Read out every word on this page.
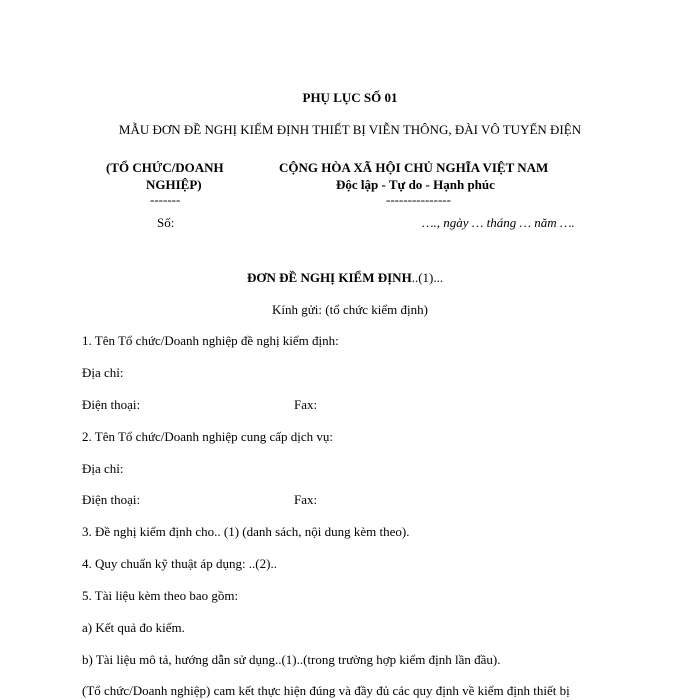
PHỤ LỤC SỐ 01
MẪU ĐƠN ĐỀ NGHỊ KIỂM ĐỊNH THIẾT BỊ VIỄN THÔNG, ĐÀI VÔ TUYẾN ĐIỆN
(TỔ CHỨC/DOANH
NGHIỆP)
-------
Số:
CỘNG HÒA XÃ HỘI CHỦ NGHĨA VIỆT NAM
Độc lập - Tự do - Hạnh phúc
---------------
…., ngày … tháng … năm ….
ĐƠN ĐỀ NGHỊ KIỂM ĐỊNH..(1)...
Kính gửi: (tổ chức kiểm định)
1. Tên Tổ chức/Doanh nghiệp đề nghị kiểm định:
Địa chỉ:
Điện thoại:	Fax:
2. Tên Tổ chức/Doanh nghiệp cung cấp dịch vụ:
Địa chỉ:
Điện thoại:	Fax:
3. Đề nghị kiểm định cho.. (1) (danh sách, nội dung kèm theo).
4. Quy chuẩn kỹ thuật áp dụng: ..(2)..
5. Tài liệu kèm theo bao gồm:
a) Kết quả đo kiểm.
b) Tài liệu mô tả, hướng dẫn sử dụng..(1)..(trong trường hợp kiểm định lần đầu).
(Tổ chức/Doanh nghiệp) cam kết thực hiện đúng và đầy đủ các quy định về kiểm định thiết bị
